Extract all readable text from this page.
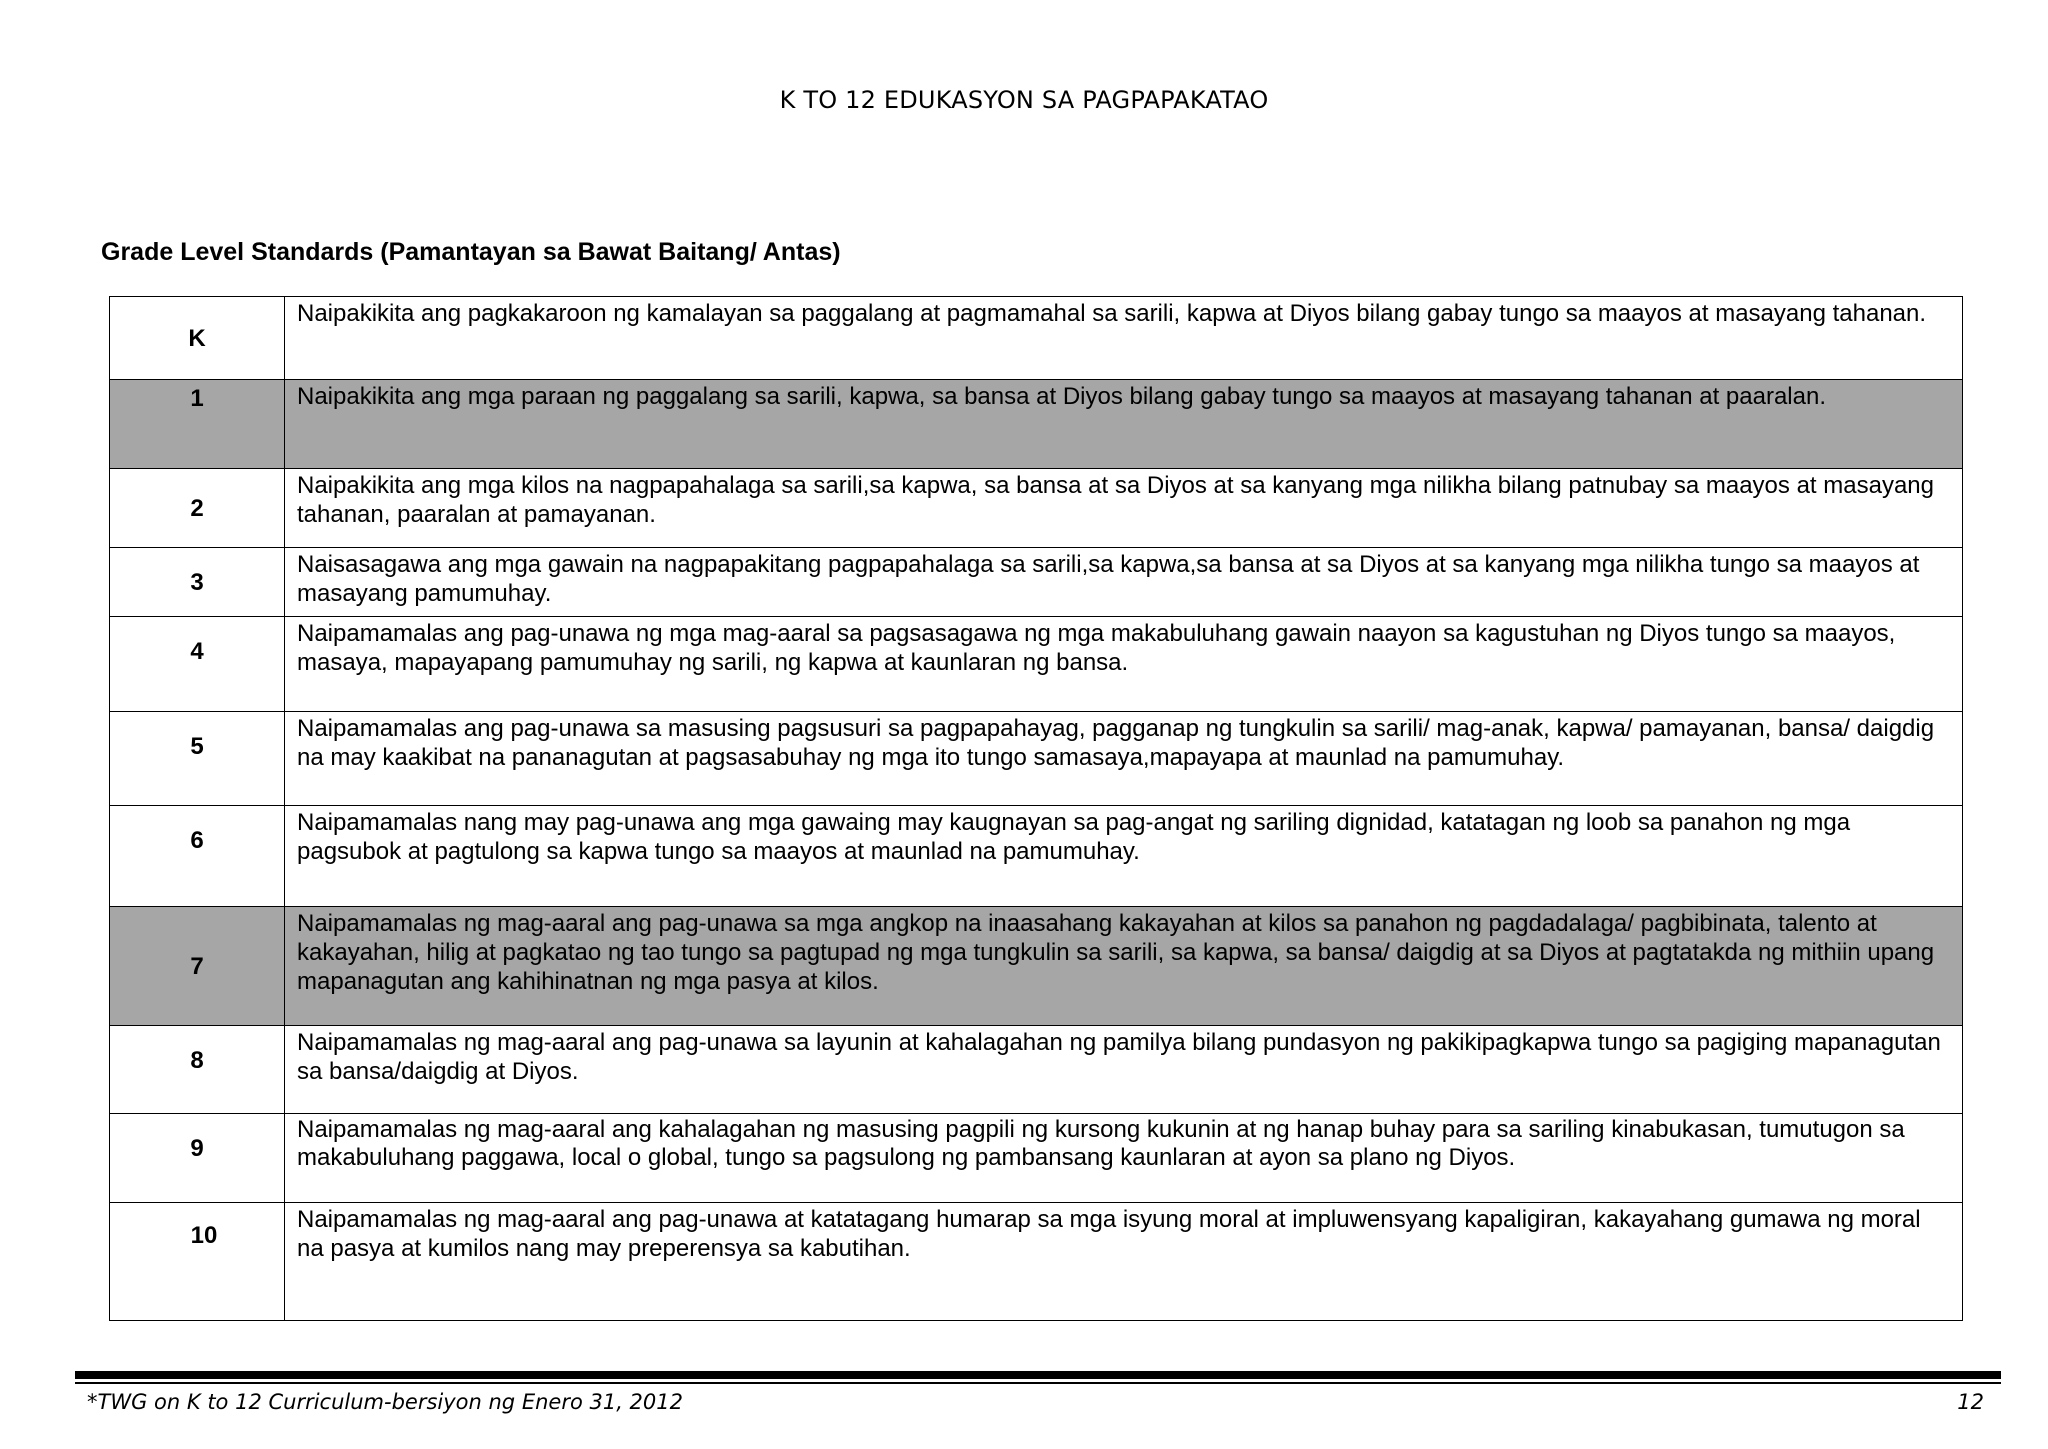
K TO 12 EDUKASYON SA PAGPAPAKATAO
Grade Level Standards (Pamantayan sa Bawat Baitang/ Antas)
K	Naipakikita ang pagkakaroon ng kamalayan sa paggalang at pagmamahal sa sarili, kapwa at Diyos bilang gabay tungo sa maayos at masayang tahanan.
1	Naipakikita ang mga paraan ng paggalang sa sarili, kapwa, sa bansa at Diyos bilang gabay tungo sa maayos at masayang tahanan at paaralan.
2	Naipakikita ang mga kilos na nagpapahalaga sa sarili,sa kapwa, sa bansa at sa Diyos at sa kanyang mga nilikha bilang patnubay sa maayos at masayang tahanan, paaralan at pamayanan.
3	Naisasagawa ang mga gawain na nagpapakitang pagpapahalaga sa sarili,sa kapwa,sa bansa at sa Diyos at sa kanyang mga nilikha tungo sa maayos at masayang pamumuhay.
4	Naipamamalas ang pag-unawa ng mga mag-aaral sa pagsasagawa ng mga makabuluhang gawain naayon sa kagustuhan ng Diyos tungo sa maayos, masaya, mapayapang pamumuhay ng sarili, ng kapwa at kaunlaran ng bansa.
5	Naipamamalas ang pag-unawa sa masusing pagsusuri sa pagpapahayag, pagganap ng tungkulin sa sarili/ mag-anak, kapwa/ pamayanan, bansa/ daigdig na may kaakibat na pananagutan at pagsasabuhay ng mga ito tungo samasaya,mapayapa at maunlad na pamumuhay.
6	Naipamamalas nang may pag-unawa ang mga gawaing may kaugnayan sa pag-angat ng sariling dignidad, katatagan ng loob sa panahon ng mga pagsubok at pagtulong sa kapwa tungo sa maayos at maunlad na pamumuhay.
7	Naipamamalas ng mag-aaral ang pag-unawa sa mga angkop na inaasahang kakayahan at kilos sa panahon ng pagdadalaga/ pagbibinata, talento at kakayahan, hilig at pagkatao ng tao tungo sa pagtupad ng mga tungkulin sa sarili, sa kapwa, sa bansa/ daigdig at sa Diyos at pagtatakda ng mithiin upang mapanagutan ang kahihinatnan ng mga pasya at kilos.
8	Naipamamalas ng mag-aaral ang pag-unawa sa layunin at kahalagahan ng pamilya bilang pundasyon ng pakikipagkapwa tungo sa pagiging mapanagutan sa bansa/daigdig at Diyos.
9	Naipamamalas ng mag-aaral ang kahalagahan ng masusing pagpili ng kursong kukunin at ng hanap buhay para sa sariling kinabukasan, tumutugon sa makabuluhang paggawa, local o global, tungo sa pagsulong ng pambansang kaunlaran at ayon sa plano ng Diyos.
10	Naipamamalas ng mag-aaral ang pag-unawa at katatagang humarap sa mga isyung moral at impluwensyang kapaligiran, kakayahang gumawa ng moral na pasya at kumilos nang may preperensya sa kabutihan.
*TWG on K to 12 Curriculum-bersiyon ng Enero 31, 2012	12
